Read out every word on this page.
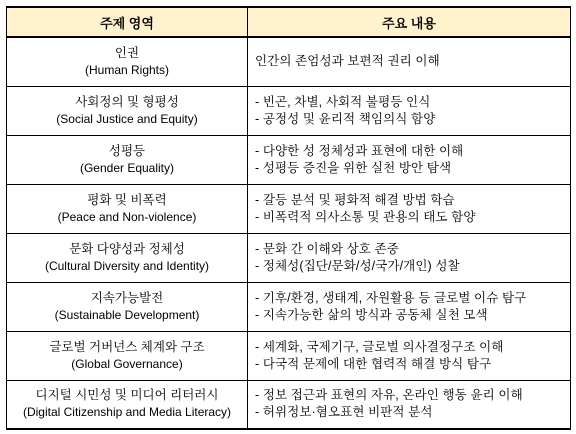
주제 영역	주요 내용

인권
(Human Rights)	인간의 존엄성과 보편적 권리 이해

사회정의 및 형평성
(Social Justice and Equity)	- 빈곤, 차별, 사회적 불평등 인식
- 공정성 및 윤리적 책임의식 함양

성평등
(Gender Equality)	- 다양한 성 정체성과 표현에 대한 이해
- 성평등 증진을 위한 실천 방안 탐색

평화 및 비폭력
(Peace and Non-violence)	- 갈등 분석 및 평화적 해결 방법 학습
- 비폭력적 의사소통 및 관용의 태도 함양

문화 다양성과 정체성
(Cultural Diversity and Identity)	- 문화 간 이해와 상호 존중
- 정체성(집단/문화/성/국가/개인) 성찰

지속가능발전
(Sustainable Development)	- 기후/환경, 생태계, 자원활용 등 글로벌 이슈 탐구
- 지속가능한 삶의 방식과 공동체 실천 모색

글로벌 거버넌스 체계와 구조
(Global Governance)	- 세계화, 국제기구, 글로벌 의사결정구조 이해
- 다국적 문제에 대한 협력적 해결 방식 탐구

디지털 시민성 및 미디어 리터러시
(Digital Citizenship and Media Literacy)	- 정보 접근과 표현의 자유, 온라인 행동 윤리 이해
- 허위정보·혐오표현 비판적 분석
